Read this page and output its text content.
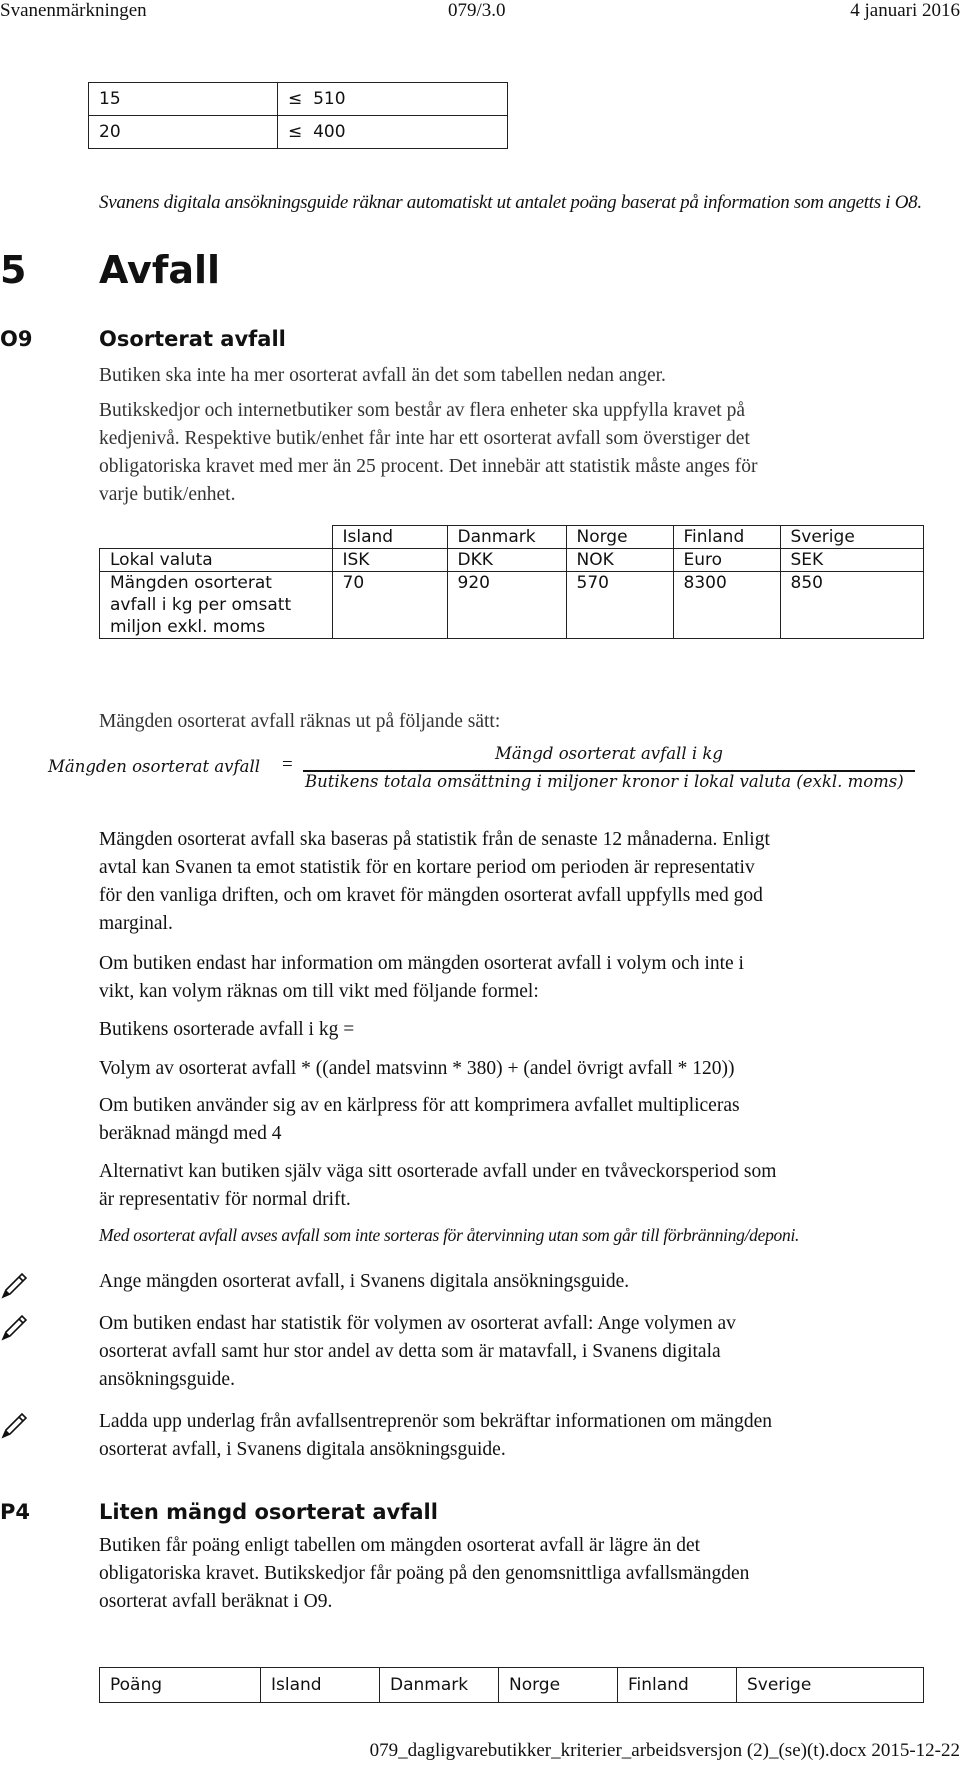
Svanenmärkningen	079/3.0	4 januari 2016
15	≤ 510
20	≤ 400
Svanens digitala ansökningsguide räknar automatiskt ut antalet poäng baserat på information som angetts i O8.
5 Avfall
O9	Osorterat avfall
Butiken ska inte ha mer osorterat avfall än det som tabellen nedan anger.
Butikskedjor och internetbutiker som består av flera enheter ska uppfylla kravet på
kedjenivå. Respektive butik/enhet får inte har ett osorterat avfall som överstiger det
obligatoriska kravet med mer än 25 procent. Det innebär att statistik måste anges för
varje butik/enhet.
	Island	Danmark	Norge	Finland	Sverige
Lokal valuta	ISK	DKK	NOK	Euro	SEK

Mängden osorterat
avfall i kg per omsatt
miljon exkl. moms	70	920	570	8300	850
Mängden osorterat avfall räknas ut på följande sätt:
Mängden osorterat avfall =
Mängd osorterat avfall i kg
Butikens totala omsättning i miljoner kronor i lokal valuta (exkl. moms)
Mängden osorterat avfall ska baseras på statistik från de senaste 12 månaderna. Enligt
avtal kan Svanen ta emot statistik för en kortare period om perioden är representativ
för den vanliga driften, och om kravet för mängden osorterat avfall uppfylls med god
marginal.
Om butiken endast har information om mängden osorterat avfall i volym och inte i
vikt, kan volym räknas om till vikt med följande formel:
Butikens osorterade avfall i kg =
Volym av osorterat avfall * ((andel matsvinn * 380) + (andel övrigt avfall * 120))
Om butiken använder sig av en kärlpress för att komprimera avfallet multipliceras
beräknad mängd med 4
Alternativt kan butiken själv väga sitt osorterade avfall under en tvåveckorsperiod som
är representativ för normal drift.
Med osorterat avfall avses avfall som inte sorteras för återvinning utan som går till förbränning/deponi.
Ange mängden osorterat avfall, i Svanens digitala ansökningsguide.
Om butiken endast har statistik för volymen av osorterat avfall: Ange volymen av
osorterat avfall samt hur stor andel av detta som är matavfall, i Svanens digitala
ansökningsguide.
Ladda upp underlag från avfallsentreprenör som bekräftar informationen om mängden
osorterat avfall, i Svanens digitala ansökningsguide.
P4	Liten mängd osorterat avfall
Butiken får poäng enligt tabellen om mängden osorterat avfall är lägre än det
obligatoriska kravet. Butikskedjor får poäng på den genomsnittliga avfallsmängden
osorterat avfall beräknat i O9.
Poäng	Island	Danmark	Norge	Finland	Sverige
079_dagligvarebutikker_kriterier_arbeidsversjon (2)_(se)(t).docx 2015-12-22
